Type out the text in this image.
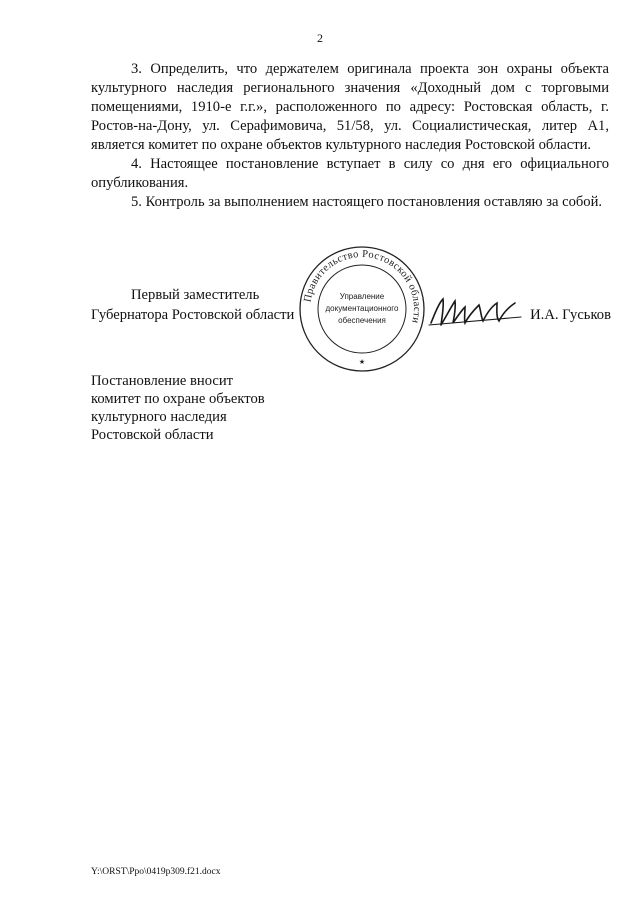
2

3. Определить, что держателем оригинала проекта зон охраны объекта культурного наследия регионального значения «Доходный дом с торговыми помещениями, 1910-е г.г.», расположенного по адресу: Ростовская область, г. Ростов-на-Дону, ул. Серафимовича, 51/58, ул. Социалистическая, литер А1, является комитет по охране объектов культурного наследия Ростовской области.

4. Настоящее постановление вступает в силу со дня его официального опубликования.

5. Контроль за выполнением настоящего постановления оставляю за собой.

Первый заместитель
Губернатора Ростовской области
Правительство Ростовской области
Управление
документационного
обеспечения
★
И.А. Гуськов
Постановление вносит
комитет по охране объектов
культурного наследия
Ростовской области
Y:\ORST\Ppo\0419p309.f21.docx
